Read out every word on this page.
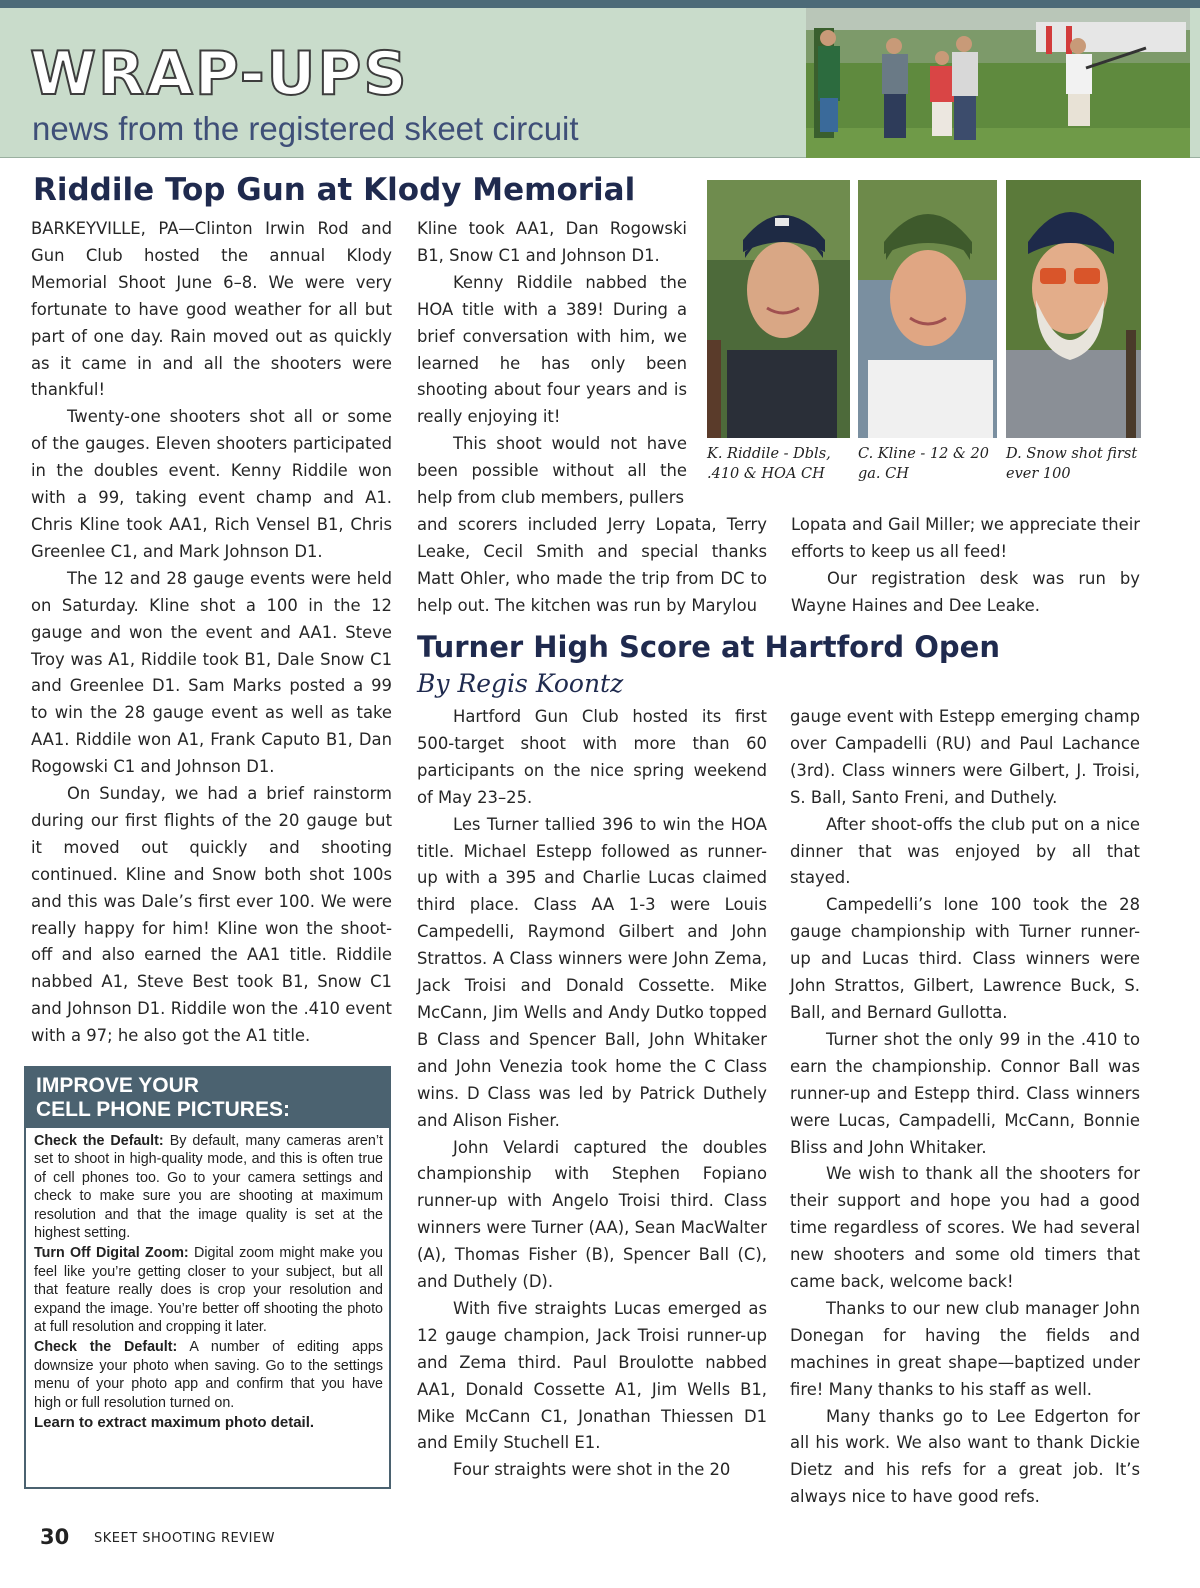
WRAP-UPS
news from the registered skeet circuit
Riddile Top Gun at Klody Memorial

BARKEYVILLE, PA—Clinton Irwin Rod and Gun Club hosted the annual Klody Memorial Shoot June 6–8. We were very fortunate to have good weather for all but part of one day. Rain moved out as quickly as it came in and all the shooters were thankful!

Twenty-one shooters shot all or some of the gauges. Eleven shooters participated in the doubles event. Kenny Riddile won with a 99, taking event champ and A1. Chris Kline took AA1, Rich Vensel B1, Chris Greenlee C1, and Mark Johnson D1.

The 12 and 28 gauge events were held on Saturday. Kline shot a 100 in the 12 gauge and won the event and AA1. Steve Troy was A1, Riddile took B1, Dale Snow C1 and Greenlee D1. Sam Marks posted a 99 to win the 28 gauge event as well as take AA1. Riddile won A1, Frank Caputo B1, Dan Rogowski C1 and Johnson D1.

On Sunday, we had a brief rainstorm during our first flights of the 20 gauge but it moved out quickly and shooting continued. Kline and Snow both shot 100s and this was Dale’s first ever 100. We were really happy for him! Kline won the shoot-off and also earned the AA1 title. Riddile nabbed A1, Steve Best took B1, Snow C1 and Johnson D1. Riddile won the .410 event with a 97; he also got the A1 title.

Kline took AA1, Dan Rogowski B1, Snow C1 and Johnson D1.

Kenny Riddile nabbed the HOA title with a 389! During a brief conversation with him, we learned he has only been shooting about four years and is really enjoying it!

This shoot would not have been possible without all the help from club members, pullers

and scorers included Jerry Lopata, Terry Leake, Cecil Smith and special thanks Matt Ohler, who made the trip from DC to help out. The kitchen was run by Marylou

Lopata and Gail Miller; we appreciate their efforts to keep us all feed!

Our registration desk was run by Wayne Haines and Dee Leake.

K. Riddile - Dbls, .410 & HOA CH
C. Kline - 12 & 20 ga. CH
D. Snow shot first ever 100
Turner High Score at Hartford Open
By Regis Koontz

Hartford Gun Club hosted its first 500-target shoot with more than 60 participants on the nice spring weekend of May 23–25.

Les Turner tallied 396 to win the HOA title. Michael Estepp followed as runner-up with a 395 and Charlie Lucas claimed third place. Class AA 1-3 were Louis Campedelli, Raymond Gilbert and John Strattos. A Class winners were John Zema, Jack Troisi and Donald Cossette. Mike McCann, Jim Wells and Andy Dutko topped B Class and Spencer Ball, John Whitaker and John Venezia took home the C Class wins. D Class was led by Patrick Duthely and Alison Fisher.

John Velardi captured the doubles championship with Stephen Fopiano runner-up with Angelo Troisi third. Class winners were Turner (AA), Sean MacWalter (A), Thomas Fisher (B), Spencer Ball (C), and Duthely (D).

With five straights Lucas emerged as 12 gauge champion, Jack Troisi runner-up and Zema third. Paul Broulotte nabbed AA1, Donald Cossette A1, Jim Wells B1, Mike McCann C1, Jonathan Thiessen D1 and Emily Stuchell E1.

Four straights were shot in the 20

gauge event with Estepp emerging champ over Campadelli (RU) and Paul Lachance (3rd). Class winners were Gilbert, J. Troisi, S. Ball, Santo Freni, and Duthely.

After shoot-offs the club put on a nice dinner that was enjoyed by all that stayed.

Campedelli’s lone 100 took the 28 gauge championship with Turner runner-up and Lucas third. Class winners were John Strattos, Gilbert, Lawrence Buck, S. Ball, and Bernard Gullotta.

Turner shot the only 99 in the .410 to earn the championship. Connor Ball was runner-up and Estepp third. Class winners were Lucas, Campadelli, McCann, Bonnie Bliss and John Whitaker.

We wish to thank all the shooters for their support and hope you had a good time regardless of scores. We had several new shooters and some old timers that came back, welcome back!

Thanks to our new club manager John Donegan for having the fields and machines in great shape—baptized under fire! Many thanks to his staff as well.

Many thanks go to Lee Edgerton for all his work. We also want to thank Dickie Dietz and his refs for a great job. It’s always nice to have good refs.

IMPROVE YOUR
CELL PHONE PICTURES:

Check the Default: By default, many cameras aren’t set to shoot in high-quality mode, and this is often true of cell phones too. Go to your camera settings and check to make sure you are shooting at maximum resolution and that the image quality is set at the highest setting.

Turn Off Digital Zoom: Digital zoom might make you feel like you’re getting closer to your subject, but all that feature really does is crop your resolution and expand the image. You’re better off shooting the photo at full resolution and cropping it later.

Check the Default: A number of editing apps downsize your photo when saving. Go to the settings menu of your photo app and confirm that you have high or full resolution turned on.

Learn to extract maximum photo detail.
30 SKEET SHOOTING REVIEW
